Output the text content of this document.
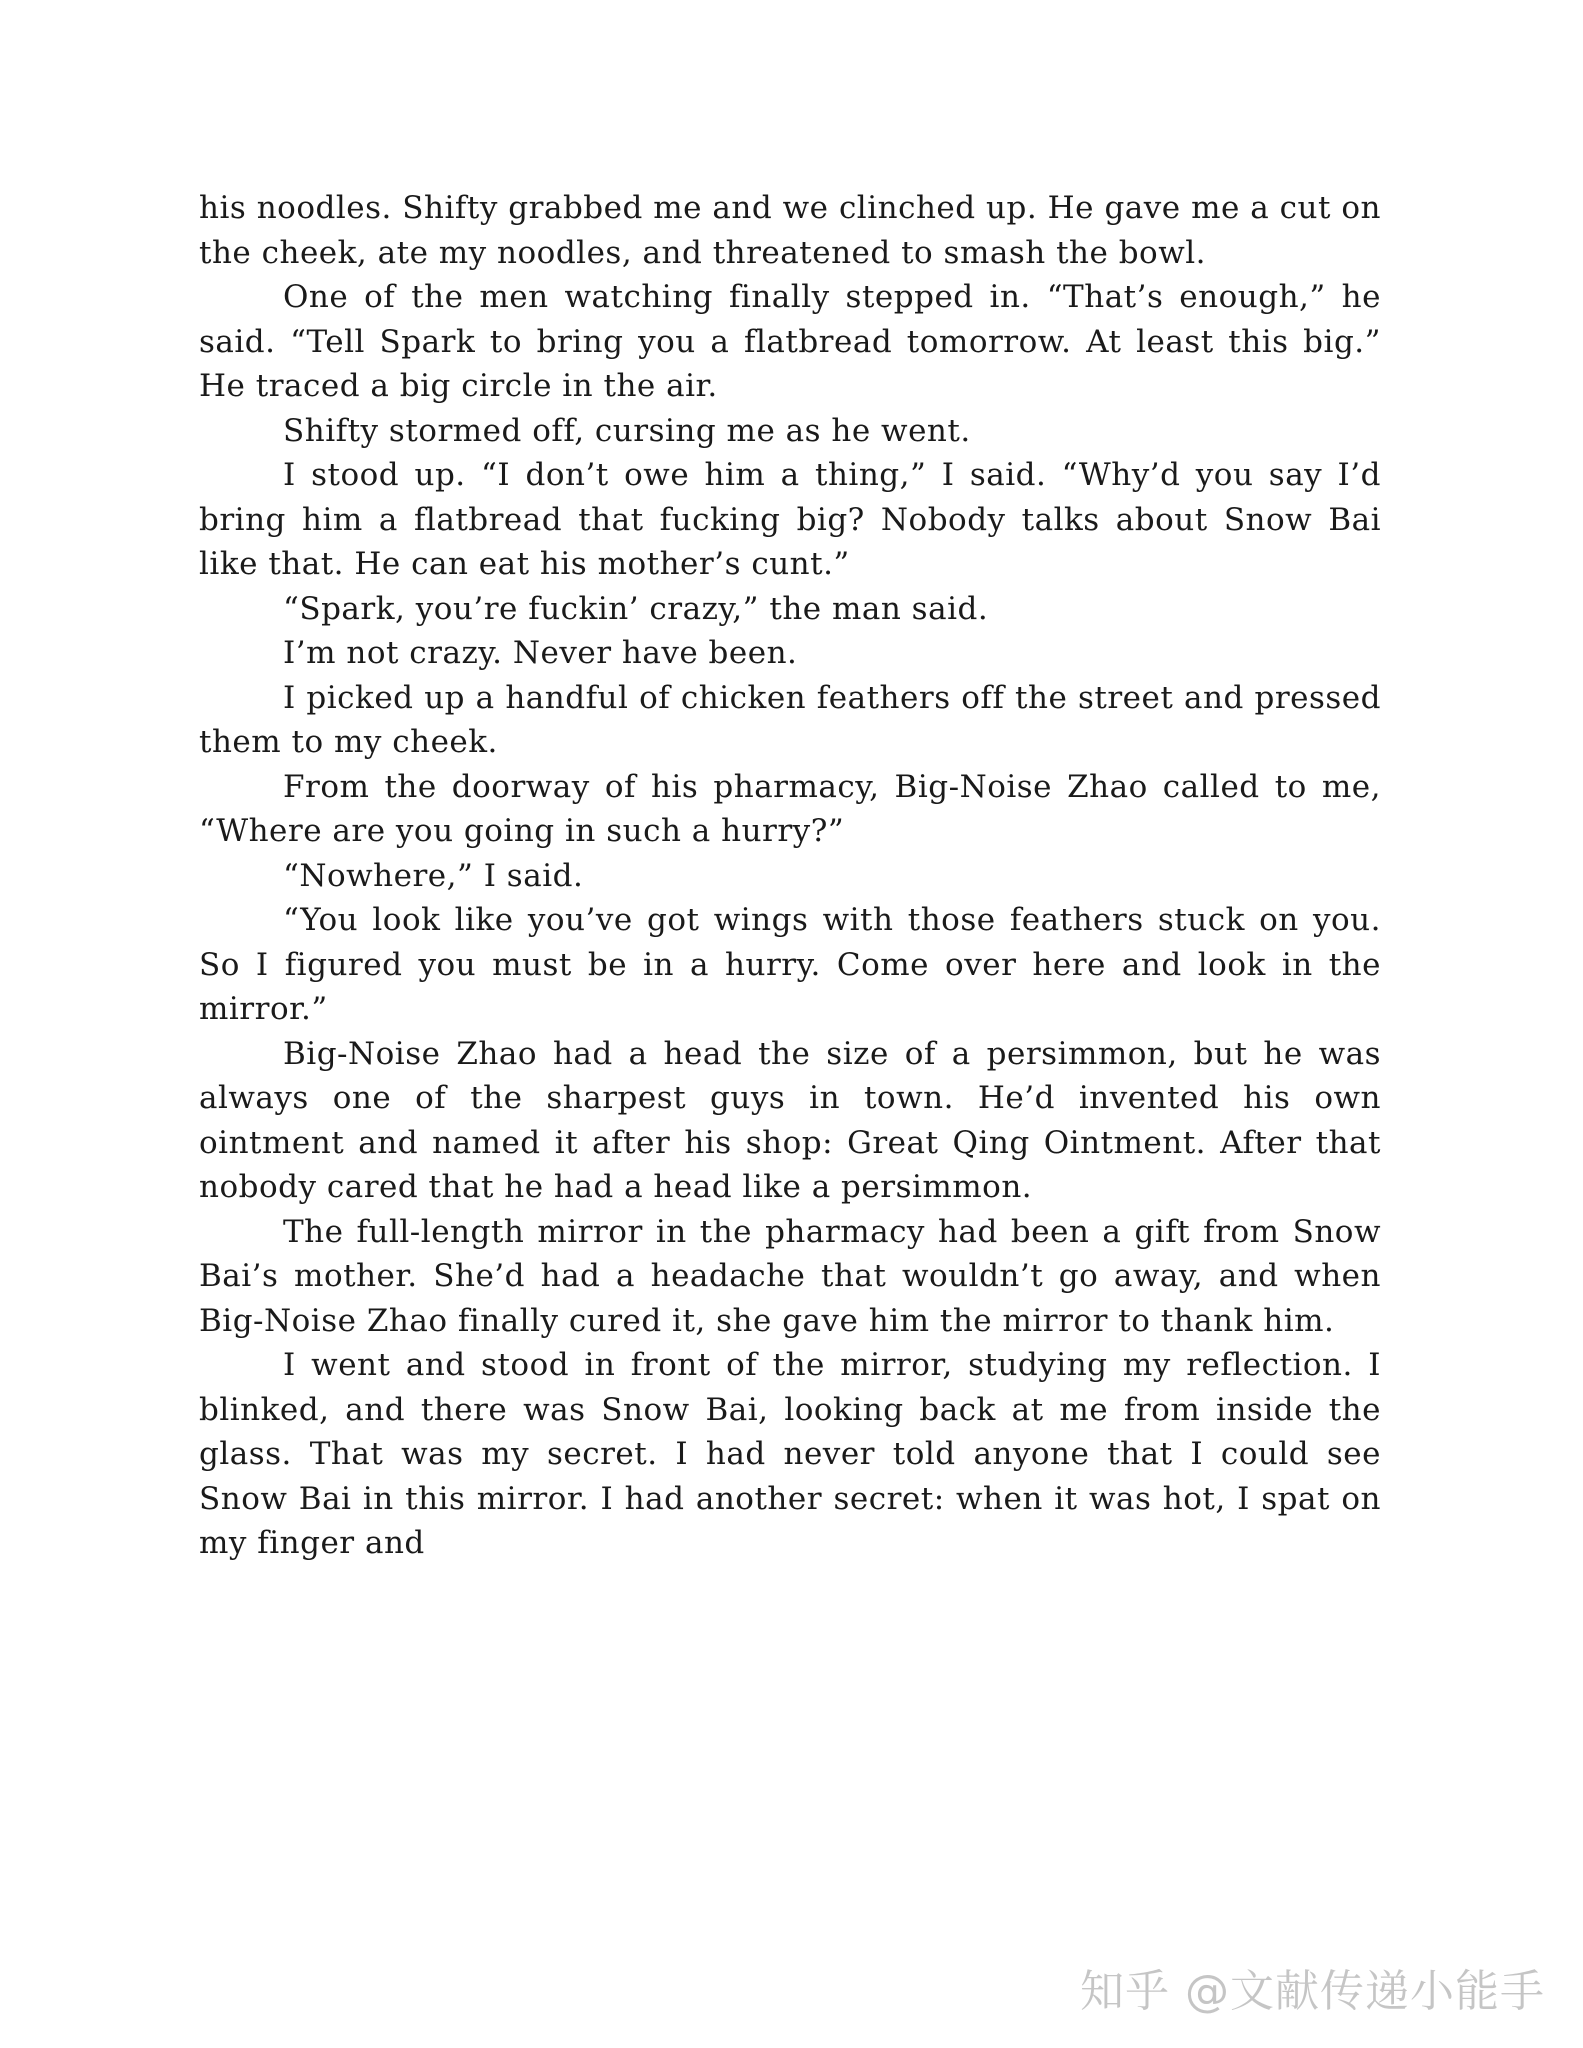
his noodles. Shifty grabbed me and we clinched up. He gave me a cut on the cheek, ate my noodles, and threatened to smash the bowl.

One of the men watching finally stepped in. “That’s enough,” he said. “Tell Spark to bring you a flatbread tomorrow. At least this big.” He traced a big circle in the air.

Shifty stormed off, cursing me as he went.

I stood up. “I don’t owe him a thing,” I said. “Why’d you say I’d bring him a flatbread that fucking big? Nobody talks about Snow Bai like that. He can eat his mother’s cunt.”

“Spark, you’re fuckin’ crazy,” the man said.

I’m not crazy. Never have been.

I picked up a handful of chicken feathers off the street and pressed them to my cheek.

From the doorway of his pharmacy, Big-Noise Zhao called to me, “Where are you going in such a hurry?”

“Nowhere,” I said.

“You look like you’ve got wings with those feathers stuck on you. So I figured you must be in a hurry. Come over here and look in the mirror.”

Big-Noise Zhao had a head the size of a persimmon, but he was always one of the sharpest guys in town. He’d invented his own ointment and named it after his shop: Great Qing Ointment. After that nobody cared that he had a head like a persimmon.

The full-length mirror in the pharmacy had been a gift from Snow Bai’s mother. She’d had a headache that wouldn’t go away, and when Big-Noise Zhao finally cured it, she gave him the mirror to thank him.

I went and stood in front of the mirror, studying my reflection. I blinked, and there was Snow Bai, looking back at me from inside the glass. That was my secret. I had never told anyone that I could see Snow Bai in this mirror. I had another secret: when it was hot, I spat on my finger and

知乎 @文献传递小能手
